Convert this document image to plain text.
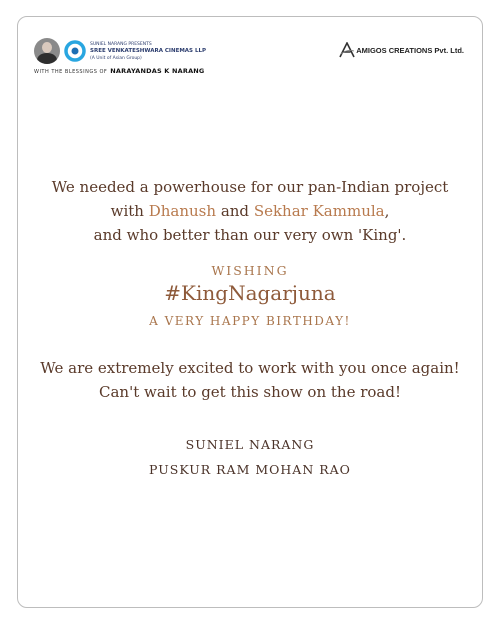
SUNIEL NARANG PRESENTS
SREE VENKATESHWARA CINEMAS LLP
(A Unit of Asian Group)
WITH THE BLESSINGS OF NARAYANDAS K NARANG
AMIGOS CREATIONS Pvt. Ltd.
We needed a powerhouse for our pan-Indian project
with Dhanush and Sekhar Kammula,
and who better than our very own 'King'.
WISHING
#KingNagarjuna
A VERY HAPPY BIRTHDAY!
We are extremely excited to work with you once again!
Can't wait to get this show on the road!
SUNIEL NARANG
PUSKUR RAM MOHAN RAO
